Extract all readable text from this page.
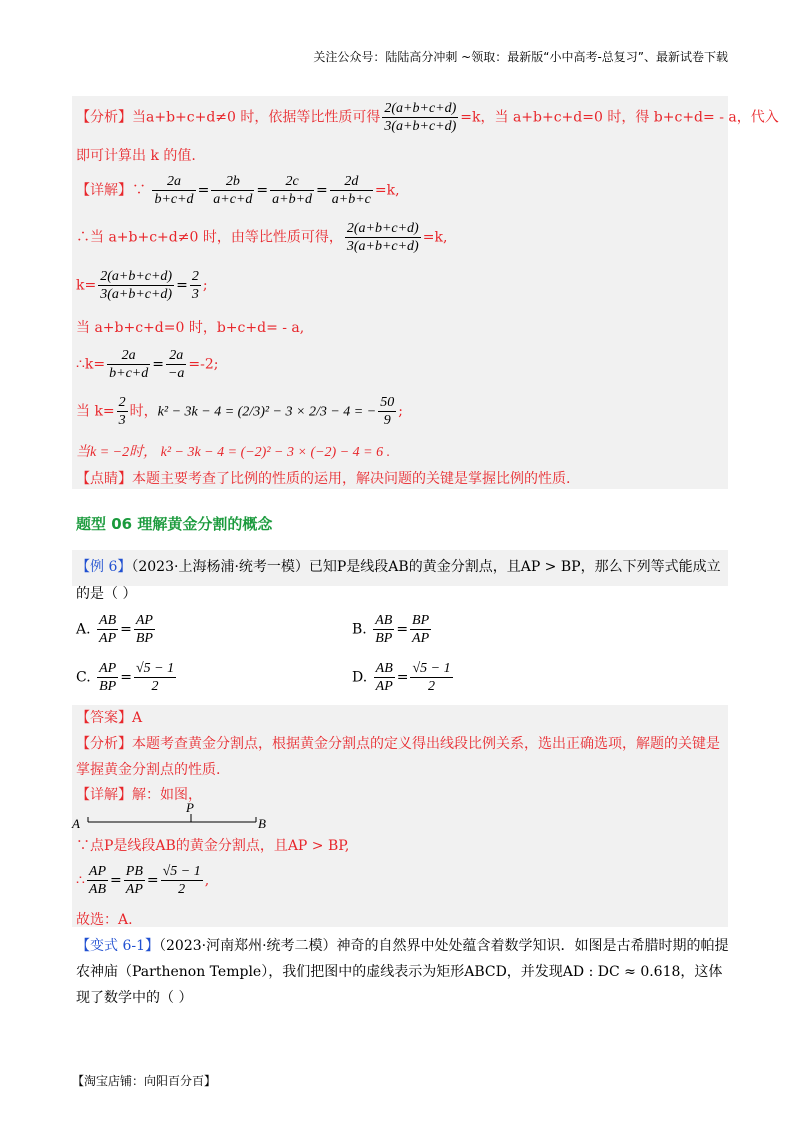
关注公众号：陆陆高分冲刺 ~领取：最新版“小中高考-总复习”、最新试卷下载
【分析】当a+b+c+d≠0 时，依据等比性质可得 $\frac{2(a+b+c+d)}{3(a+b+c+d)} =k$，当 a+b+c+d=0 时，得 b+c+d= - a，代入
即可计算出 k 的值.
【详解】∵ $\frac{2a}{b+c+d} = \frac{2b}{a+c+d} = \frac{2c}{a+b+d} = \frac{2d}{a+b+c} =k$,
∴当 a+b+c+d≠0 时，由等比性质可得， $\frac{2(a+b+c+d)}{3(a+b+c+d)} =k$,
$k= \frac{2(a+b+c+d)}{3(a+b+c+d)} = \frac{2}{3}$ ;
当 a+b+c+d=0 时，b+c+d= - a,
∴k= $\frac{2a}{b+c+d} = \frac{2a}{-a} =-2$;
当 $k= \frac{2}{3}$ 时，k² − 3k − 4 = (2/3)² − 3 × 2/3 − 4 = − $\frac{50}{9}$ ;
当k = −2时， k² − 3k − 4 = (−2)² − 3 × (−2) − 4 = 6 .
【点睛】本题主要考查了比例的性质的运用，解决问题的关键是掌握比例的性质.
题型 06 理解黄金分割的概念
【例 6】（2023·上海杨浦·统考一模）已知P是线段AB的黄金分割点，且AP > BP，那么下列等式能成立
的是（ ）
A. $\frac{AB}{AP} = \frac{AP}{BP}$	B. $\frac{AB}{BP} = \frac{BP}{AP}$
C. $\frac{AP}{BP} = \frac{√5 - 1}{2}$	D. $\frac{AB}{AP} = \frac{√5 - 1}{2}$
【答案】A
【分析】本题考查黄金分割点，根据黄金分割点的定义得出线段比例关系，选出正确选项，解题的关键是
掌握黄金分割点的性质.
【详解】解：如图，
A
P
B
∵点P是线段AB的黄金分割点，且AP > BP,
∴ $\frac{AP}{AB} = \frac{PB}{AP} = \frac{√5 - 1}{2}$ ,
故选：A.
【变式 6-1】（2023·河南郑州·统考二模）神奇的自然界中处处蕴含着数学知识．如图是古希腊时期的帕提
农神庙（Parthenon Temple），我们把图中的虚线表示为矩形ABCD，并发现AD : DC ≈ 0.618，这体
现了数学中的（ ）
【淘宝店铺：向阳百分百】
